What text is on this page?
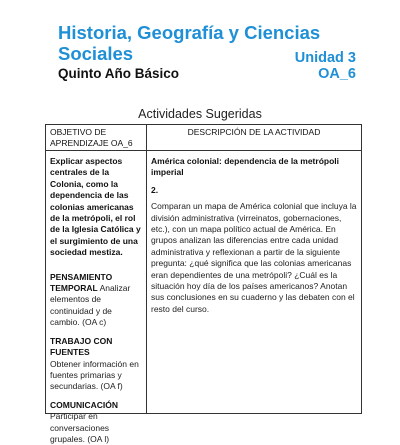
Historia, Geografía y Ciencias
Sociales	Unidad 3
Quinto Año Básico	OA_6
Actividades Sugeridas
OBJETIVO DE APRENDIZAJE OA_6
DESCRIPCIÓN DE LA ACTIVIDAD
Explicar aspectos centrales de la Colonia, como la dependencia de las colonias americanas de la metrópoli, el rol de la Iglesia Católica y el surgimiento de una sociedad mestiza.
PENSAMIENTO TEMPORAL Analizar elementos de continuidad y de cambio. (OA c)
TRABAJO CON FUENTES
Obtener información en fuentes primarias y secundarias. (OA f)
COMUNICACIÓN Participar en conversaciones grupales. (OA l)
América colonial: dependencia de la metrópoli imperial
2.
Comparan un mapa de América colonial que incluya la división administrativa (virreinatos, gobernaciones, etc.), con un mapa político actual de América. En grupos analizan las diferencias entre cada unidad administrativa y reflexionan a partir de la siguiente pregunta: ¿qué significa que las colonias americanas eran dependientes de una metrópoli? ¿Cuál es la situación hoy día de los países americanos? Anotan sus conclusiones en su cuaderno y las debaten con el resto del curso.
